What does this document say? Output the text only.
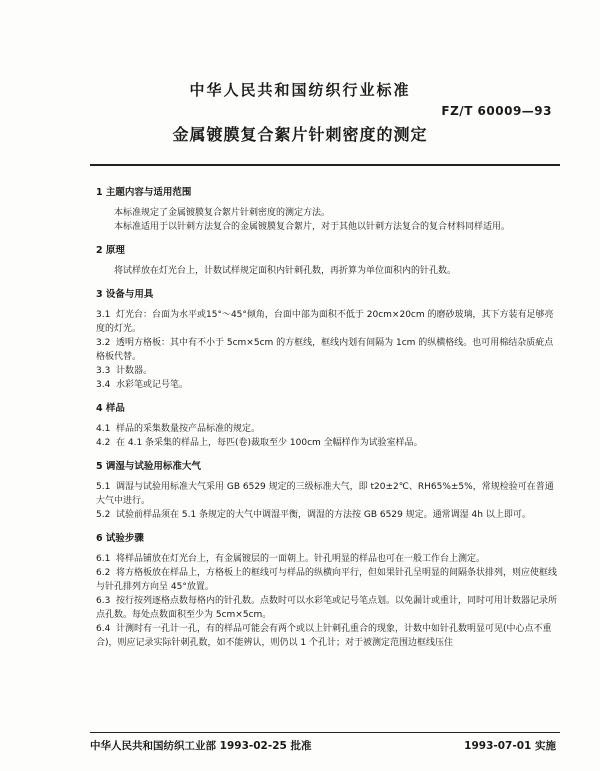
中华人民共和国纺织行业标准
FZ/T 60009—93
金属镀膜复合絮片针刺密度的测定

1 主题内容与适用范围

本标准规定了金属镀膜复合絮片针刺密度的测定方法。

本标准适用于以针刺方法复合的金属镀膜复合絮片，对于其他以针刺方法复合的复合材料同样适用。

2 原理

将试样放在灯光台上，计数试样规定面积内针刺孔数，再折算为单位面积内的针孔数。

3 设备与用具

3.1 灯光台：台面为水平或15°～45°倾角，台面中部为面积不低于 20cm×20cm 的磨砂玻璃，其下方装有足够亮度的灯光。

3.2 透明方格板：其中有不小于 5cm×5cm 的方框线，框线内划有间隔为 1cm 的纵横格线。也可用棉结杂质疵点格板代替。

3.3 计数器。

3.4 水彩笔或记号笔。

4 样品

4.1 样品的采集数量按产品标准的规定。

4.2 在 4.1 条采集的样品上，每匹(卷)裁取至少 100cm 全幅样作为试验室样品。

5 调湿与试验用标准大气

5.1 调湿与试验用标准大气采用 GB 6529 规定的三级标准大气，即 t20±2℃、RH65%±5%，常规检验可在普通大气中进行。

5.2 试验前样品须在 5.1 条规定的大气中调湿平衡，调湿的方法按 GB 6529 规定。通常调湿 4h 以上即可。

6 试验步骤

6.1 将样品铺放在灯光台上，有金属镀层的一面朝上。针孔明显的样品也可在一般工作台上测定。

6.2 将方格板放在样品上，方格板上的框线可与样品的纵横向平行，但如果针孔呈明显的间隔条状排列，则应使框线与针孔排列方向呈 45°放置。

6.3 按行按列逐格点数每格内的针孔数。点数时可以水彩笔或记号笔点划。以免漏计或重计，同时可用计数器记录所点孔数。每处点数面积至少为 5cm×5cm。

6.4 计测时有一孔计一孔，有的样品可能会有两个或以上针刺孔重合的现象，计数中如针孔数明显可见(中心点不重合)，则应记录实际针刺孔数，如不能辨认，则仍以 1 个孔计；对于被测定范围边框线压住

中华人民共和国纺织工业部 1993-02-25 批准	1993-07-01 实施
